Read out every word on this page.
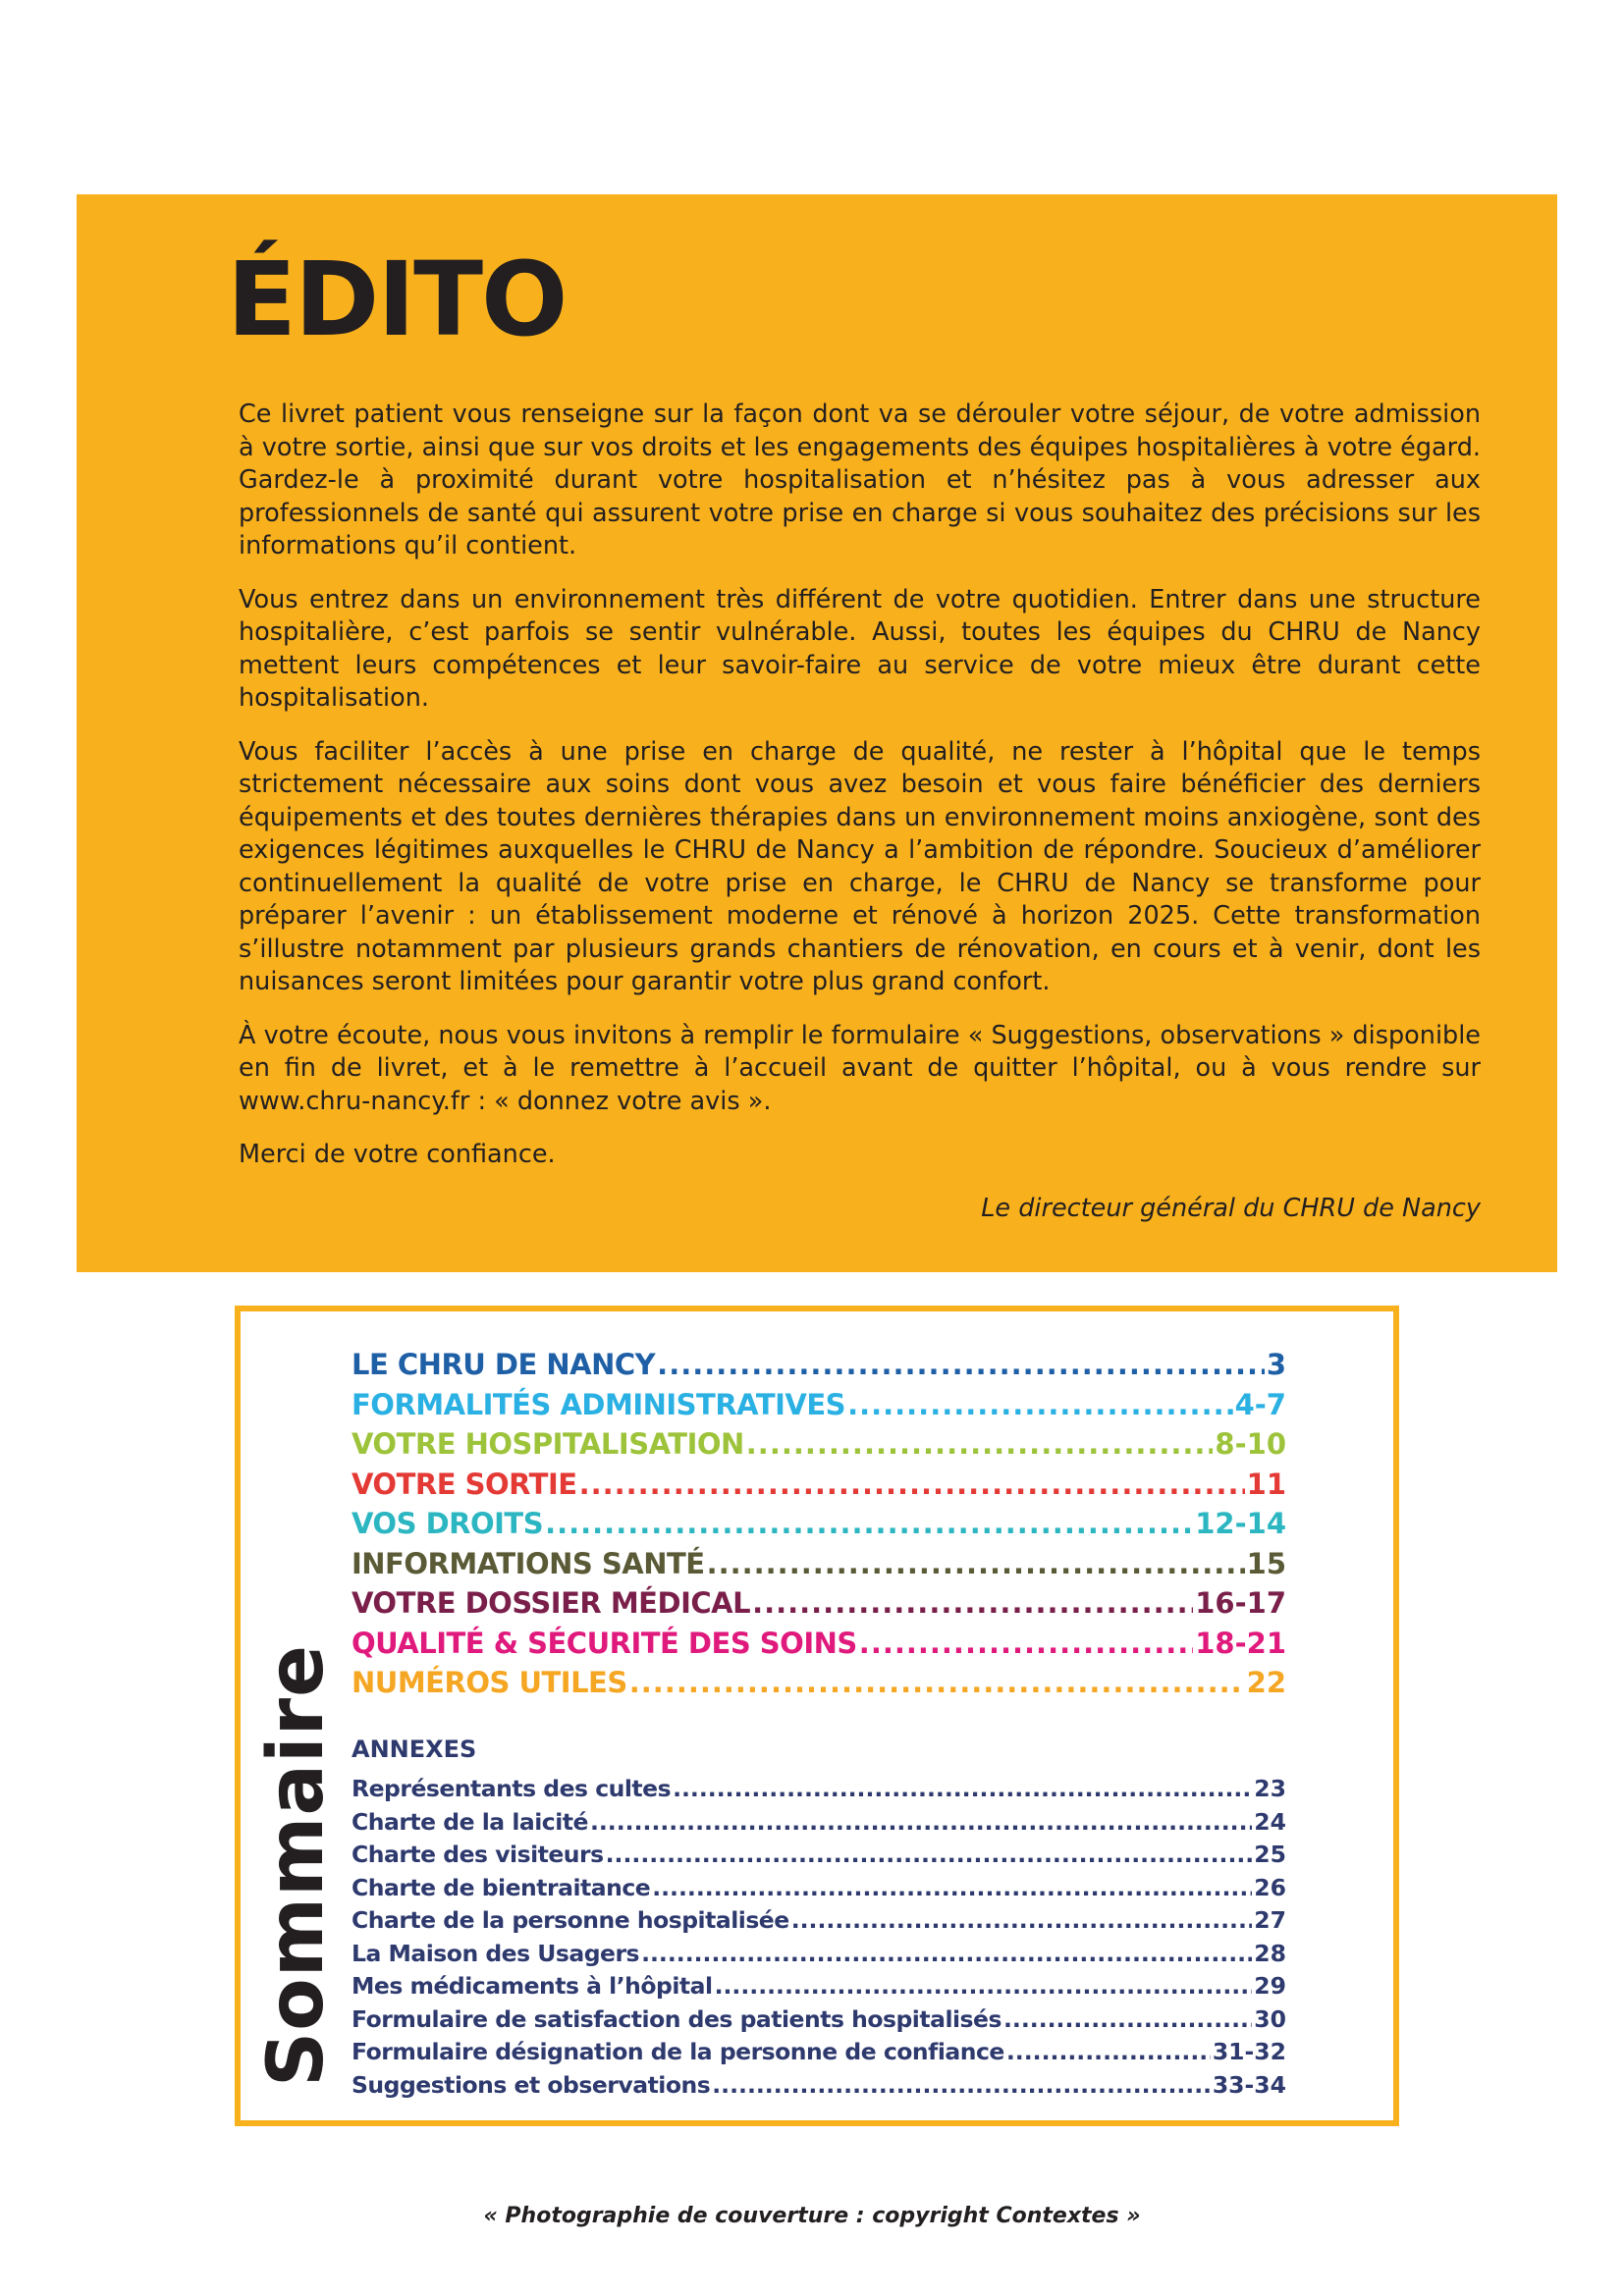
ÉDITO

Ce livret patient vous renseigne sur la façon dont va se dérouler votre séjour, de votre admission à votre sortie, ainsi que sur vos droits et les engagements des équipes hospitalières à votre égard. Gardez-le à proximité durant votre hospitalisation et n’hésitez pas à vous adresser aux professionnels de santé qui assurent votre prise en charge si vous souhaitez des précisions sur les informations qu’il contient.

Vous entrez dans un environnement très différent de votre quotidien. Entrer dans une structure hospitalière, c’est parfois se sentir vulnérable. Aussi, toutes les équipes du CHRU de Nancy mettent leurs compétences et leur savoir-faire au service de votre mieux être durant cette hospitalisation.

Vous faciliter l’accès à une prise en charge de qualité, ne rester à l’hôpital que le temps strictement nécessaire aux soins dont vous avez besoin et vous faire bénéficier des derniers équipements et des toutes dernières thérapies dans un environnement moins anxiogène, sont des exigences légitimes auxquelles le CHRU de Nancy a l’ambition de répondre. Soucieux d’améliorer continuellement la qualité de votre prise en charge, le CHRU de Nancy se transforme pour préparer l’avenir : un établissement moderne et rénové à horizon 2025. Cette transformation s’illustre notamment par plusieurs grands chantiers de rénovation, en cours et à venir, dont les nuisances seront limitées pour garantir votre plus grand confort.

À votre écoute, nous vous invitons à remplir le formulaire « Suggestions, observations » disponible en fin de livret, et à le remettre à l’accueil avant de quitter l’hôpital, ou à vous rendre sur www.chru-nancy.fr : « donnez votre avis ».

Merci de votre confiance.

Le directeur général du CHRU de Nancy

Sommaire
LE CHRU DE NANCY .....	3
FORMALITÉS ADMINISTRATIVES .....	4-7
VOTRE HOSPITALISATION .....	8-10
VOTRE SORTIE .....	11
VOS DROITS .....	12-14
INFORMATIONS SANTÉ .....	15
VOTRE DOSSIER MÉDICAL .....	16-17
QUALITÉ & SÉCURITÉ DES SOINS .....	18-21
NUMÉROS UTILES .....	22
ANNEXES
Représentants des cultes .....	23
Charte de la laicité .....	24
Charte des visiteurs .....	25
Charte de bientraitance .....	26
Charte de la personne hospitalisée .....	27
La Maison des Usagers .....	28
Mes médicaments à l’hôpital .....	29
Formulaire de satisfaction des patients hospitalisés .....	30
Formulaire désignation de la personne de confiance .....	31-32
Suggestions et observations .....	33-34
« Photographie de couverture : copyright Contextes »
